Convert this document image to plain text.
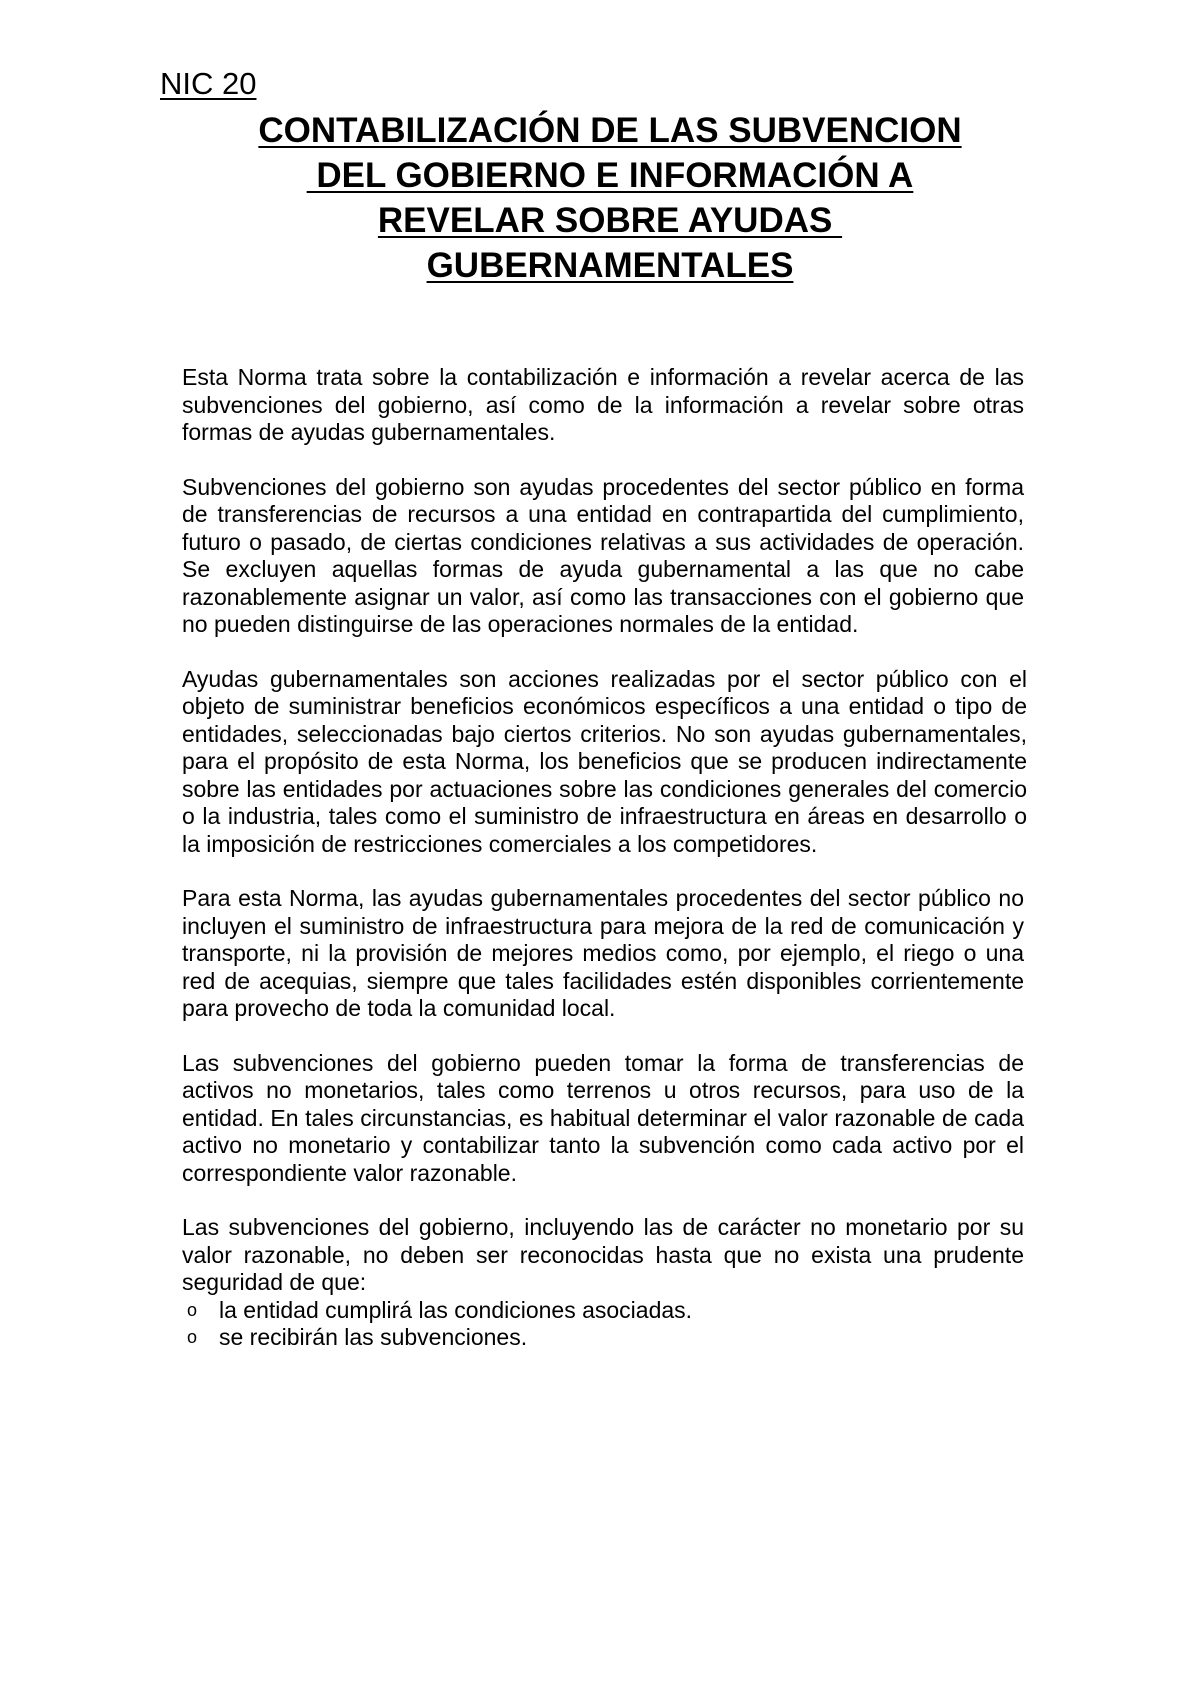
NIC 20
CONTABILIZACIÓN DE LAS SUBVENCION
DEL GOBIERNO E INFORMACIÓN A
REVELAR SOBRE AYUDAS
GUBERNAMENTALES

Esta Norma trata sobre la contabilización e información a revelar acerca de las subvenciones del gobierno, así como de la información a revelar sobre otras formas de ayudas gubernamentales.

Subvenciones del gobierno son ayudas procedentes del sector público en forma de transferencias de recursos a una entidad en contrapartida del cumplimiento, futuro o pasado, de ciertas condiciones relativas a sus actividades de operación. Se excluyen aquellas formas de ayuda gubernamental a las que no cabe razonablemente asignar un valor, así como las transacciones con el gobierno que no pueden distinguirse de las operaciones normales de la entidad.

Ayudas gubernamentales son acciones realizadas por el sector público con el objeto de suministrar beneficios económicos específicos a una entidad o tipo de entidades, seleccionadas bajo ciertos criterios. No son ayudas gubernamentales, para el propósito de esta Norma, los beneficios que se producen indirectamente sobre las entidades por actuaciones sobre las condiciones generales del comercio o la industria, tales como el suministro de infraestructura en áreas en desarrollo o la imposición de restricciones comerciales a los competidores.

Para esta Norma, las ayudas gubernamentales procedentes del sector público no incluyen el suministro de infraestructura para mejora de la red de comunicación y transporte, ni la provisión de mejores medios como, por ejemplo, el riego o una red de acequias, siempre que tales facilidades estén disponibles corrientemente para provecho de toda la comunidad local.

Las subvenciones del gobierno pueden tomar la forma de transferencias de activos no monetarios, tales como terrenos u otros recursos, para uso de la entidad. En tales circunstancias, es habitual determinar el valor razonable de cada activo no monetario y contabilizar tanto la subvención como cada activo por el correspondiente valor razonable.

Las subvenciones del gobierno, incluyendo las de carácter no monetario por su valor razonable, no deben ser reconocidas hasta que no exista una prudente seguridad de que:

o la entidad cumplirá las condiciones asociadas.
o se recibirán las subvenciones.
